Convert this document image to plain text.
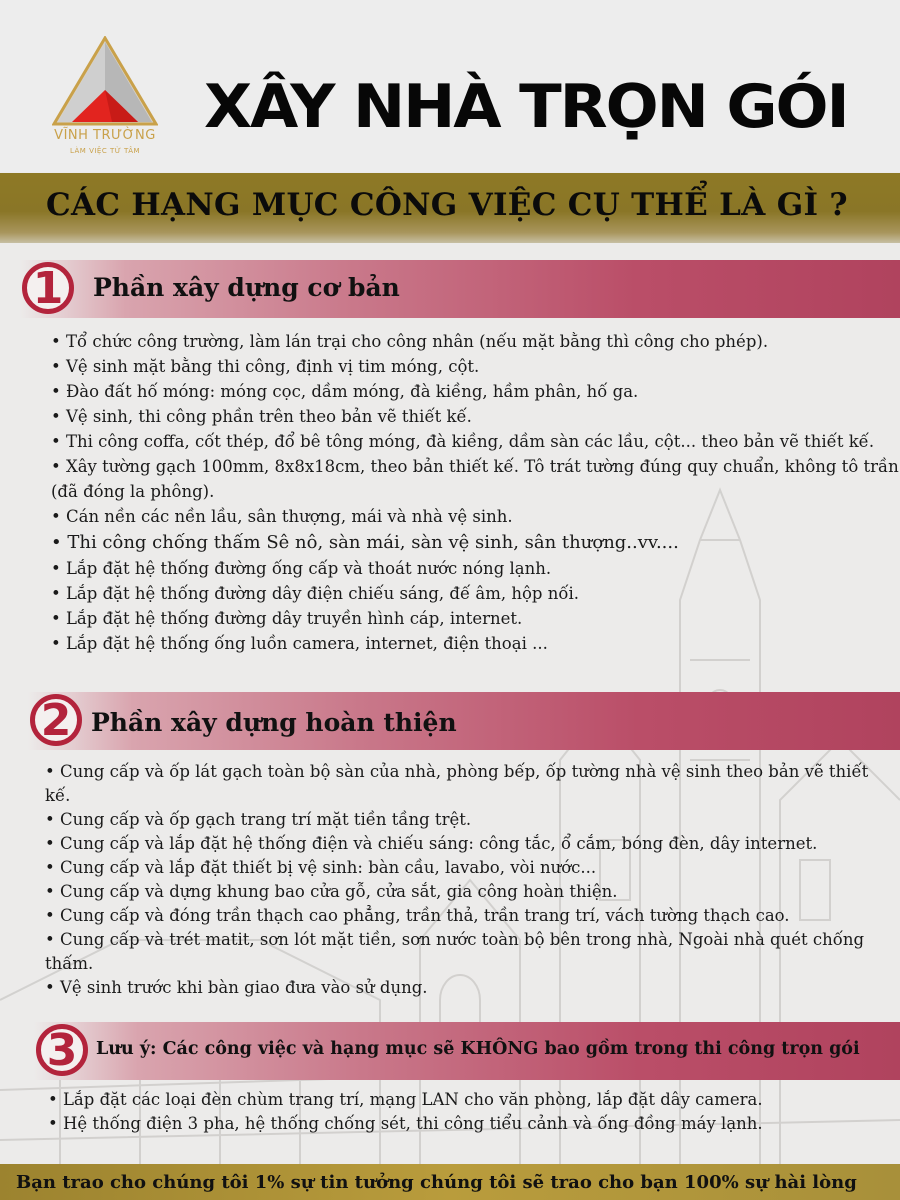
VĨNH TRƯỜNG
LÀM VIỆC TỪ TÂM
XÂY NHÀ TRỌN GÓI
CÁC HẠNG MỤC CÔNG VIỆC CỤ THỂ LÀ GÌ ?
1 Phần xây dựng cơ bản
• Tổ chức công trường, làm lán trại cho công nhân (nếu mặt bằng thì công cho phép).
• Vệ sinh mặt bằng thi công, định vị tim móng, cột.
• Đào đất hố móng: móng cọc, dầm móng, đà kiềng, hầm phân, hố ga.
• Vệ sinh, thi công phần trên theo bản vẽ thiết kế.
• Thi công coffa, cốt thép, đổ bê tông móng, đà kiềng, dầm sàn các lầu, cột... theo bản vẽ thiết kế.
• Xây tường gạch 100mm, 8x8x18cm, theo bản thiết kế. Tô trát tường đúng quy chuẩn, không tô trần (đã đóng la phông).
• Cán nền các nền lầu, sân thượng, mái và nhà vệ sinh.
• Thi công chống thấm Sê nô, sàn mái, sàn vệ sinh, sân thượng..vv....
• Lắp đặt hệ thống đường ống cấp và thoát nước nóng lạnh.
• Lắp đặt hệ thống đường dây điện chiếu sáng, đế âm, hộp nối.
• Lắp đặt hệ thống đường dây truyền hình cáp, internet.
• Lắp đặt hệ thống ống luồn camera, internet, điện thoại ...
2 Phần xây dựng hoàn thiện
• Cung cấp và ốp lát gạch toàn bộ sàn của nhà, phòng bếp, ốp tường nhà vệ sinh theo bản vẽ thiết kế.
• Cung cấp và ốp gạch trang trí mặt tiền tầng trệt.
• Cung cấp và lắp đặt hệ thống điện và chiếu sáng: công tắc, ổ cắm, bóng đèn, dây internet.
• Cung cấp và lắp đặt thiết bị vệ sinh: bàn cầu, lavabo, vòi nước...
• Cung cấp và dựng khung bao cửa gỗ, cửa sắt, gia công hoàn thiện.
• Cung cấp và đóng trần thạch cao phẳng, trần thả, trần trang trí, vách tường thạch cao.
• Cung cấp và trét matit, sơn lót mặt tiền, sơn nước toàn bộ bên trong nhà, Ngoài nhà quét chống thấm.
• Vệ sinh trước khi bàn giao đưa vào sử dụng.
3	Lưu ý: Các công việc và hạng mục sẽ KHÔNG bao gồm trong thi công trọn gói
• Lắp đặt các loại đèn chùm trang trí, mạng LAN cho văn phòng, lắp đặt dây camera.
• Hệ thống điện 3 pha, hệ thống chống sét, thi công tiểu cảnh và ống đồng máy lạnh.
Bạn trao cho chúng tôi 1% sự tin tưởng chúng tôi sẽ trao cho bạn 100% sự hài lòng
